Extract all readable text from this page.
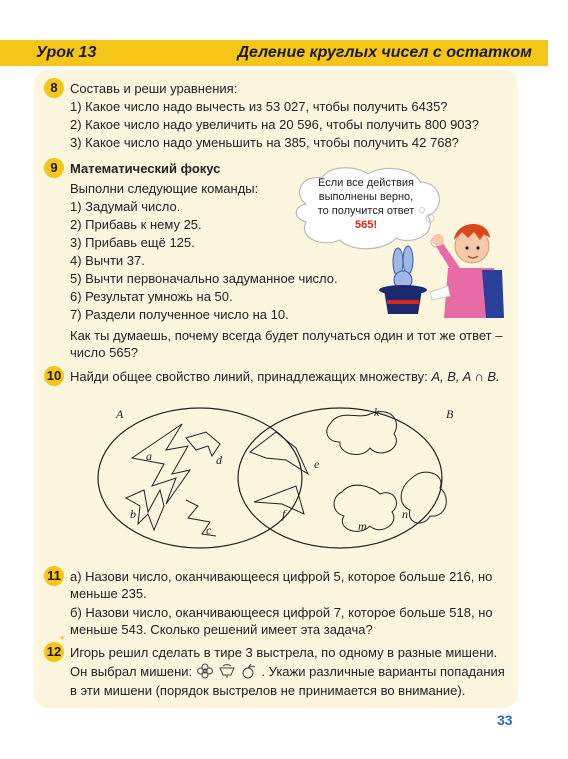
Урок 13	Деление круглых чисел с остатком
8 Составь и реши уравнения:
1) Какое число надо вычесть из 53 027, чтобы получить 6435?
2) Какое число надо увеличить на 20 596, чтобы получить 800 903?
3) Какое число надо уменьшить на 385, чтобы получить 42 768?
9 Математический фокус
Выполни следующие команды:
1) Задумай число.
2) Прибавь к нему 25.
3) Прибавь ещё 125.
4) Вычти 37.
5) Вычти первоначально задуманное число.
6) Результат умножь на 50.
7) Раздели полученное число на 10.
Как ты думаешь, почему всегда будет получаться один и тот же ответ –
число 565?
Если все действия
выполнены верно,
то получится ответ
565!
10 Найди общее свойство линий, принадлежащих множеству: A, B, A ∩ B.
A	B
a	d
b
c
e
f
k
m
n
11 а) Назови число, оканчивающееся цифрой 5, которое больше 216, но
меньше 235.
б) Назови число, оканчивающееся цифрой 7, которое больше 518, но
меньше 543. Сколько решений имеет эта задача?
12
*
Игорь решил сделать в тире 3 выстрела, по одному в разные мишени.
Он выбрал мишени:	. Укажи различные варианты попадания
в эти мишени (порядок выстрелов не принимается во внимание).
33
